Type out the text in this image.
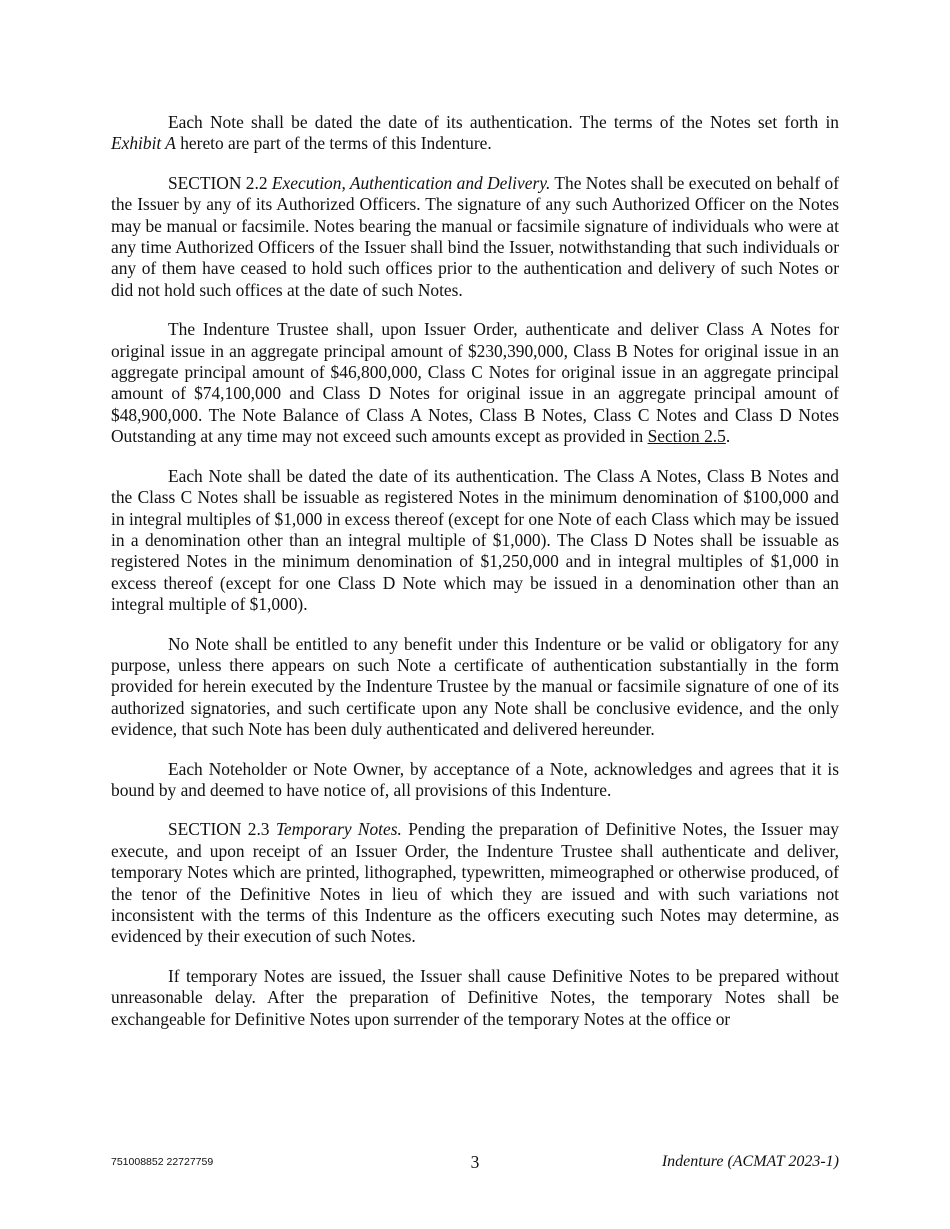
Each Note shall be dated the date of its authentication. The terms of the Notes set forth in Exhibit A hereto are part of the terms of this Indenture.

SECTION 2.2 Execution, Authentication and Delivery. The Notes shall be executed on behalf of the Issuer by any of its Authorized Officers. The signature of any such Authorized Officer on the Notes may be manual or facsimile. Notes bearing the manual or facsimile signature of individuals who were at any time Authorized Officers of the Issuer shall bind the Issuer, notwithstanding that such individuals or any of them have ceased to hold such offices prior to the authentication and delivery of such Notes or did not hold such offices at the date of such Notes.

The Indenture Trustee shall, upon Issuer Order, authenticate and deliver Class A Notes for original issue in an aggregate principal amount of $230,390,000, Class B Notes for original issue in an aggregate principal amount of $46,800,000, Class C Notes for original issue in an aggregate principal amount of $74,100,000 and Class D Notes for original issue in an aggregate principal amount of $48,900,000. The Note Balance of Class A Notes, Class B Notes, Class C Notes and Class D Notes Outstanding at any time may not exceed such amounts except as provided in Section 2.5.

Each Note shall be dated the date of its authentication. The Class A Notes, Class B Notes and the Class C Notes shall be issuable as registered Notes in the minimum denomination of $100,000 and in integral multiples of $1,000 in excess thereof (except for one Note of each Class which may be issued in a denomination other than an integral multiple of $1,000). The Class D Notes shall be issuable as registered Notes in the minimum denomination of $1,250,000 and in integral multiples of $1,000 in excess thereof (except for one Class D Note which may be issued in a denomination other than an integral multiple of $1,000).

No Note shall be entitled to any benefit under this Indenture or be valid or obligatory for any purpose, unless there appears on such Note a certificate of authentication substantially in the form provided for herein executed by the Indenture Trustee by the manual or facsimile signature of one of its authorized signatories, and such certificate upon any Note shall be conclusive evidence, and the only evidence, that such Note has been duly authenticated and delivered hereunder.

Each Noteholder or Note Owner, by acceptance of a Note, acknowledges and agrees that it is bound by and deemed to have notice of, all provisions of this Indenture.

SECTION 2.3 Temporary Notes. Pending the preparation of Definitive Notes, the Issuer may execute, and upon receipt of an Issuer Order, the Indenture Trustee shall authenticate and deliver, temporary Notes which are printed, lithographed, typewritten, mimeographed or otherwise produced, of the tenor of the Definitive Notes in lieu of which they are issued and with such variations not inconsistent with the terms of this Indenture as the officers executing such Notes may determine, as evidenced by their execution of such Notes.

If temporary Notes are issued, the Issuer shall cause Definitive Notes to be prepared without unreasonable delay. After the preparation of Definitive Notes, the temporary Notes shall be exchangeable for Definitive Notes upon surrender of the temporary Notes at the office or

751008852 22727759	3	Indenture (ACMAT 2023-1)
